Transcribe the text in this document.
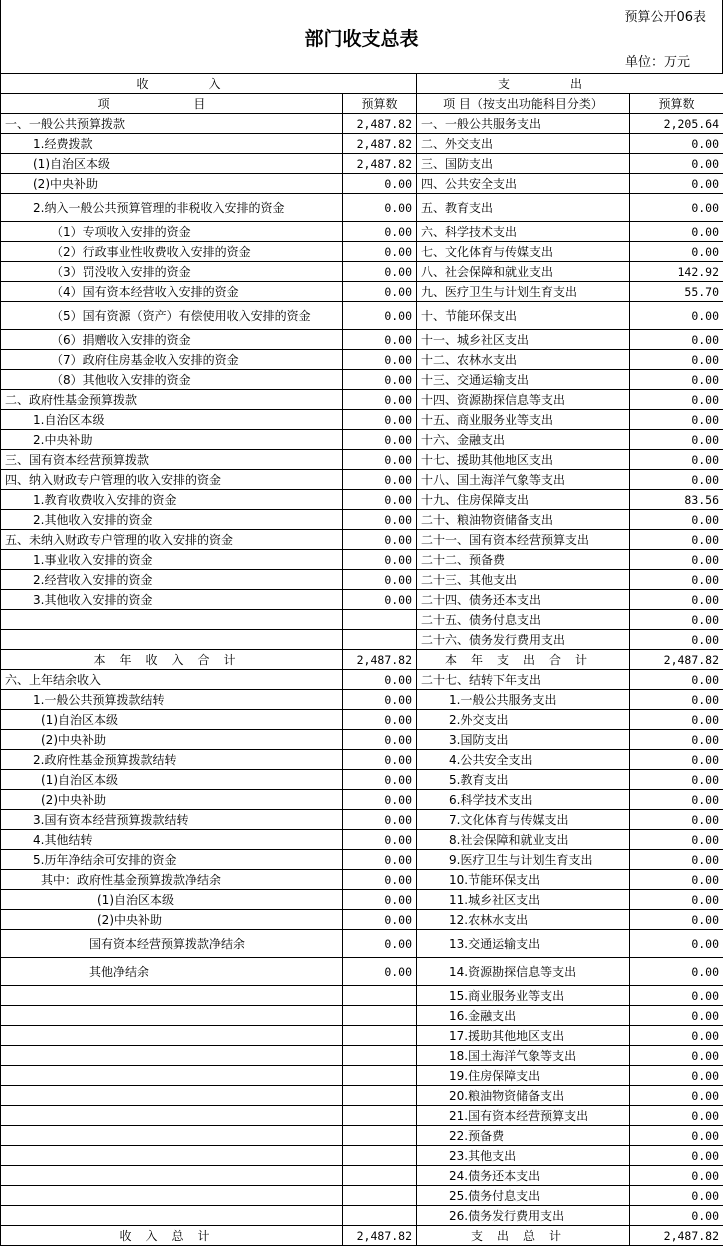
预算公开06表
部门收支总表
单位：万元
收入		支出	
项 目	预算数	项 目（按支出功能科目分类）	预算数
一、一般公共预算拨款	2,487.82	一、一般公共服务支出	2,205.64
1.经费拨款	2,487.82	二、外交支出	0.00
(1)自治区本级	2,487.82	三、国防支出	0.00
(2)中央补助	0.00	四、公共安全支出	0.00
2.纳入一般公共预算管理的非税收入安排的资金	0.00	五、教育支出	0.00
（1）专项收入安排的资金	0.00	六、科学技术支出	0.00
（2）行政事业性收费收入安排的资金	0.00	七、文化体育与传媒支出	0.00
（3）罚没收入安排的资金	0.00	八、社会保障和就业支出	142.92
（4）国有资本经营收入安排的资金	0.00	九、医疗卫生与计划生育支出	55.70
（5）国有资源（资产）有偿使用收入安排的资金	0.00	十、节能环保支出	0.00
（6）捐赠收入安排的资金	0.00	十一、城乡社区支出	0.00
（7）政府住房基金收入安排的资金	0.00	十二、农林水支出	0.00
（8）其他收入安排的资金	0.00	十三、交通运输支出	0.00
二、政府性基金预算拨款	0.00	十四、资源勘探信息等支出	0.00
1.自治区本级	0.00	十五、商业服务业等支出	0.00
2.中央补助	0.00	十六、金融支出	0.00
三、国有资本经营预算拨款	0.00	十七、援助其他地区支出	0.00
四、纳入财政专户管理的收入安排的资金	0.00	十八、国土海洋气象等支出	0.00
1.教育收费收入安排的资金	0.00	十九、住房保障支出	83.56
2.其他收入安排的资金	0.00	二十、粮油物资储备支出	0.00
五、未纳入财政专户管理的收入安排的资金	0.00	二十一、国有资本经营预算支出	0.00
1.事业收入安排的资金	0.00	二十二、预备费	0.00
2.经营收入安排的资金	0.00	二十三、其他支出	0.00
3.其他收入安排的资金	0.00	二十四、债务还本支出	0.00
		二十五、债务付息支出	0.00
		二十六、债务发行费用支出	0.00
本年收入合计	2,487.82	本年支出合计	2,487.82
六、上年结余收入	0.00	二十七、结转下年支出	0.00
1.一般公共预算拨款结转	0.00	1.一般公共服务支出	0.00
(1)自治区本级	0.00	2.外交支出	0.00
(2)中央补助	0.00	3.国防支出	0.00
2.政府性基金预算拨款结转	0.00	4.公共安全支出	0.00
(1)自治区本级	0.00	5.教育支出	0.00
(2)中央补助	0.00	6.科学技术支出	0.00
3.国有资本经营预算拨款结转	0.00	7.文化体育与传媒支出	0.00
4.其他结转	0.00	8.社会保障和就业支出	0.00
5.历年净结余可安排的资金	0.00	9.医疗卫生与计划生育支出	0.00
其中：政府性基金预算拨款净结余	0.00	10.节能环保支出	0.00
(1)自治区本级	0.00	11.城乡社区支出	0.00
(2)中央补助	0.00	12.农林水支出	0.00
国有资本经营预算拨款净结余	0.00	13.交通运输支出	0.00
其他净结余	0.00	14.资源勘探信息等支出	0.00
		15.商业服务业等支出	0.00
		16.金融支出	0.00
		17.援助其他地区支出	0.00
		18.国土海洋气象等支出	0.00
		19.住房保障支出	0.00
		20.粮油物资储备支出	0.00
		21.国有资本经营预算支出	0.00
		22.预备费	0.00
		23.其他支出	0.00
		24.债务还本支出	0.00
		25.债务付息支出	0.00
		26.债务发行费用支出	0.00
收入总计	2,487.82	支出总计	2,487.82
